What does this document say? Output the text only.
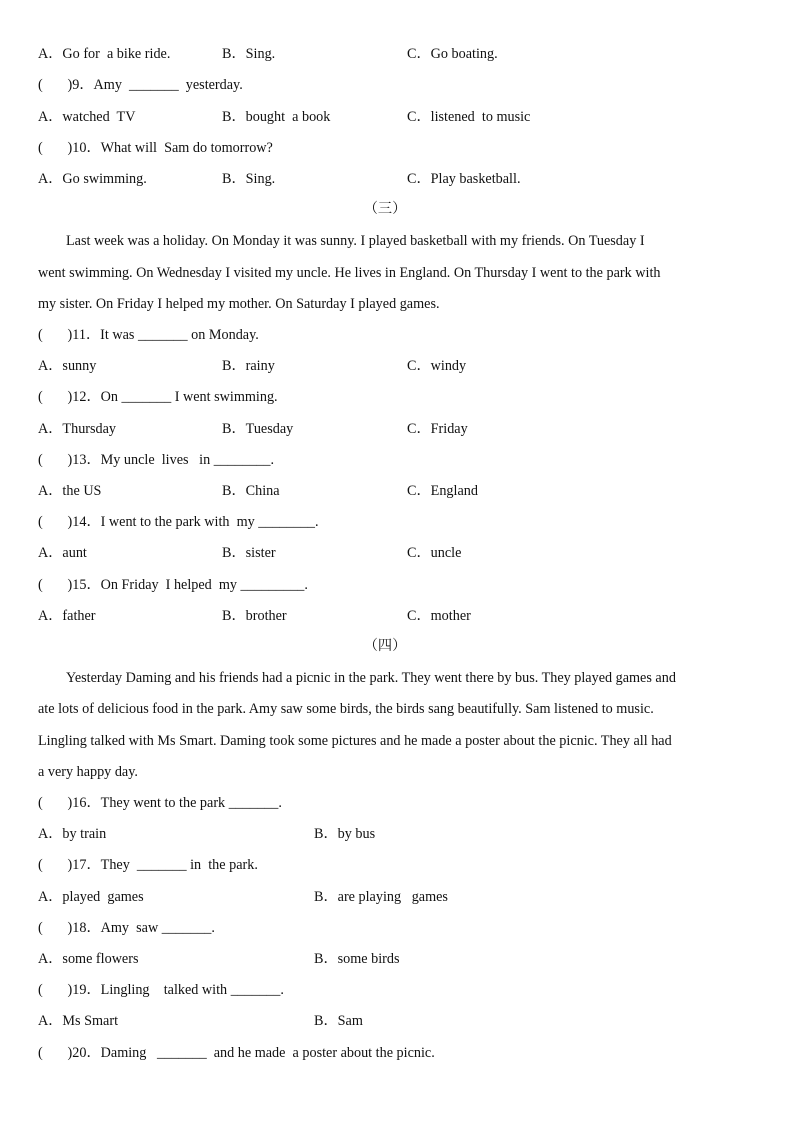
A．Go for  a bike ride.	B．Sing.	C．Go boating.
(       )9．Amy  _______  yesterday.
A．watched  TV	B．bought  a book	C．listened  to music
(       )10．What will  Sam do tomorrow?
A．Go swimming.	B．Sing.	C．Play basketball.
（三）
Last week was a holiday. On Monday it was sunny. I played basketball with my friends. On Tuesday I
went swimming. On Wednesday I visited my uncle. He lives in England. On Thursday I went to the park with
my sister. On Friday I helped my mother. On Saturday I played games.
(       )11．It was _______ on Monday.
A．sunny	B．rainy	C．windy
(       )12．On _______ I went swimming.
A．Thursday	B．Tuesday	C．Friday
(       )13．My uncle  lives   in ________.
A．the US	B．China	C．England
(       )14．I went to the park with  my ________.
A．aunt	B．sister	C．uncle
(       )15．On Friday  I helped  my _________.
A．father	B．brother	C．mother
（四）
Yesterday Daming and his friends had a picnic in the park. They went there by bus. They played games and
ate lots of delicious food in the park. Amy saw some birds, the birds sang beautifully. Sam listened to music.
Lingling talked with Ms Smart. Daming took some pictures and he made a poster about the picnic. They all had
a very happy day.
(       )16．They went to the park _______.
A．by train	B．by bus
(       )17．They  _______ in  the park.
A．played  games	B．are playing   games
(       )18．Amy  saw _______.
A．some flowers	B．some birds
(       )19．Lingling    talked with _______.
A．Ms Smart	B．Sam
(       )20．Daming   _______  and he made  a poster about the picnic.
